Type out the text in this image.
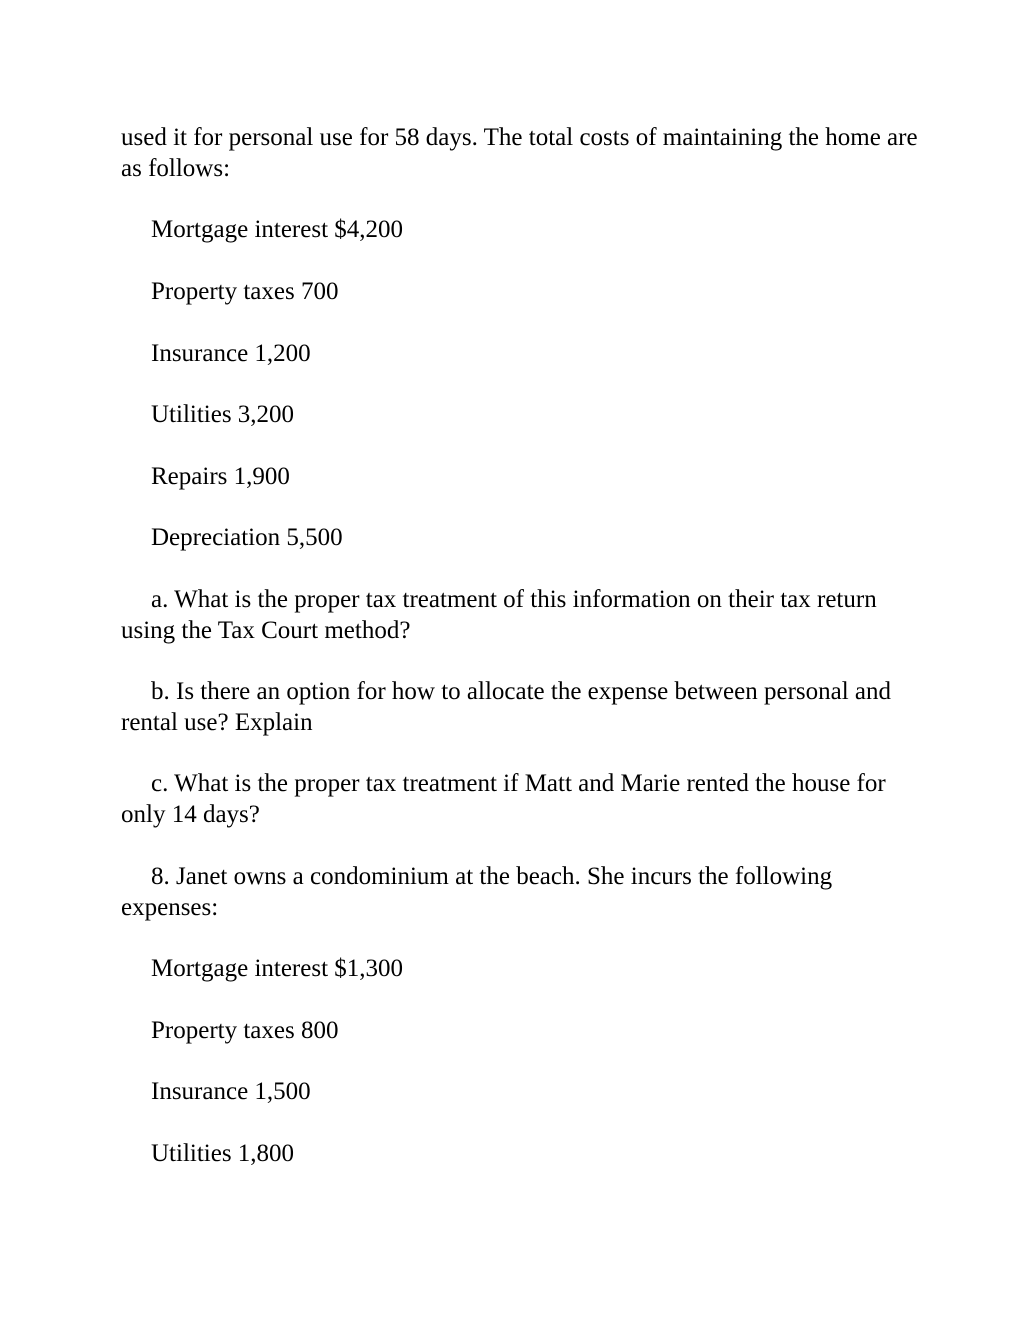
used it for personal use for 58 days. The total costs of maintaining the home are as follows:

Mortgage interest $4,200

Property taxes 700

Insurance 1,200

Utilities 3,200

Repairs 1,900

Depreciation 5,500

a. What is the proper tax treatment of this information on their tax return using the Tax Court method?

b. Is there an option for how to allocate the expense between personal and rental use? Explain

c. What is the proper tax treatment if Matt and Marie rented the house for only 14 days?

8. Janet owns a condominium at the beach. She incurs the following expenses:

Mortgage interest $1,300

Property taxes 800

Insurance 1,500

Utilities 1,800
